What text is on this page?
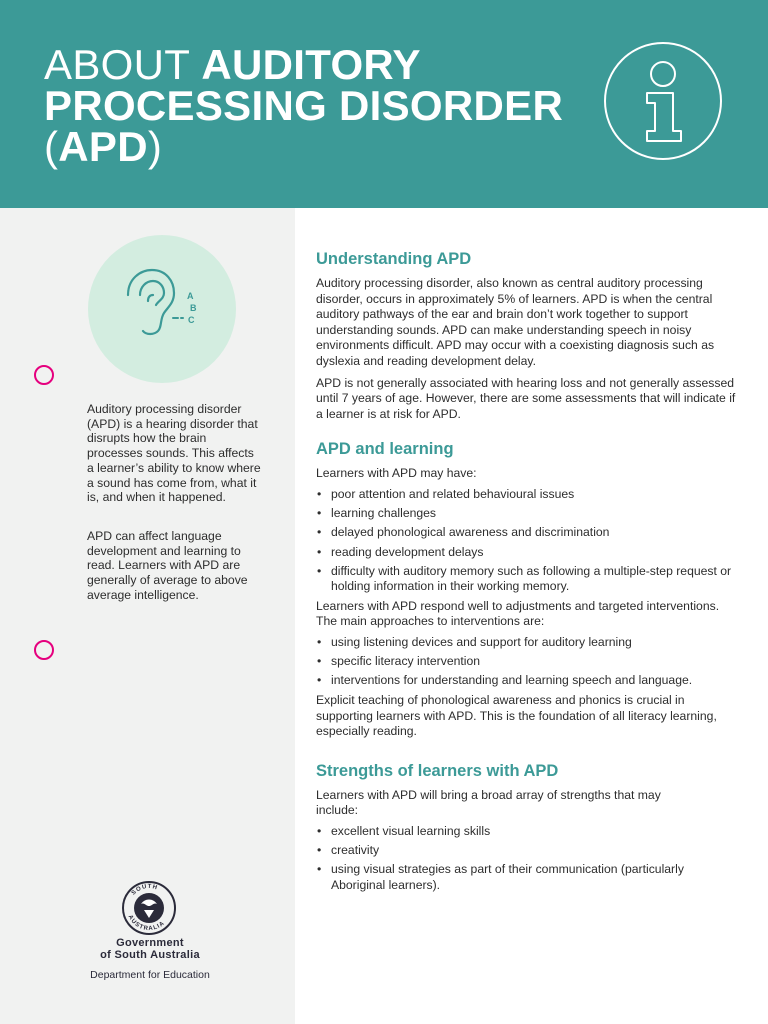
ABOUT AUDITORY
PROCESSING DISORDER
(APD)
A
B
C

Auditory processing disorder (APD) is a hearing disorder that disrupts how the brain processes sounds. This affects a learner’s ability to know where a sound has come from, what it is, and when it happened.

APD can affect language development and learning to read. Learners with APD are generally of average to above average intelligence.

SOUTH
AUSTRALIA
Government
of South Australia
Department for Education
Understanding APD

Auditory processing disorder, also known as central auditory processing disorder, occurs in approximately 5% of learners. APD is when the central auditory pathways of the ear and brain don’t work together to support understanding sounds. APD can make understanding speech in noisy environments difficult. APD may occur with a coexisting diagnosis such as dyslexia and reading development delay.

APD is not generally associated with hearing loss and not generally assessed until 7 years of age. However, there are some assessments that will indicate if a learner is at risk for APD.

APD and learning

Learners with APD may have:

• poor attention and related behavioural issues
• learning challenges
• delayed phonological awareness and discrimination
• reading development delays
• difficulty with auditory memory such as following a multiple-step request or holding information in their working memory.

Learners with APD respond well to adjustments and targeted interventions. The main approaches to interventions are:

• using listening devices and support for auditory learning
• specific literacy intervention
• interventions for understanding and learning speech and language.

Explicit teaching of phonological awareness and phonics is crucial in supporting learners with APD. This is the foundation of all literacy learning, especially reading.

Strengths of learners with APD

Learners with APD will bring a broad array of strengths that may include:

• excellent visual learning skills
• creativity
• using visual strategies as part of their communication (particularly Aboriginal learners).
